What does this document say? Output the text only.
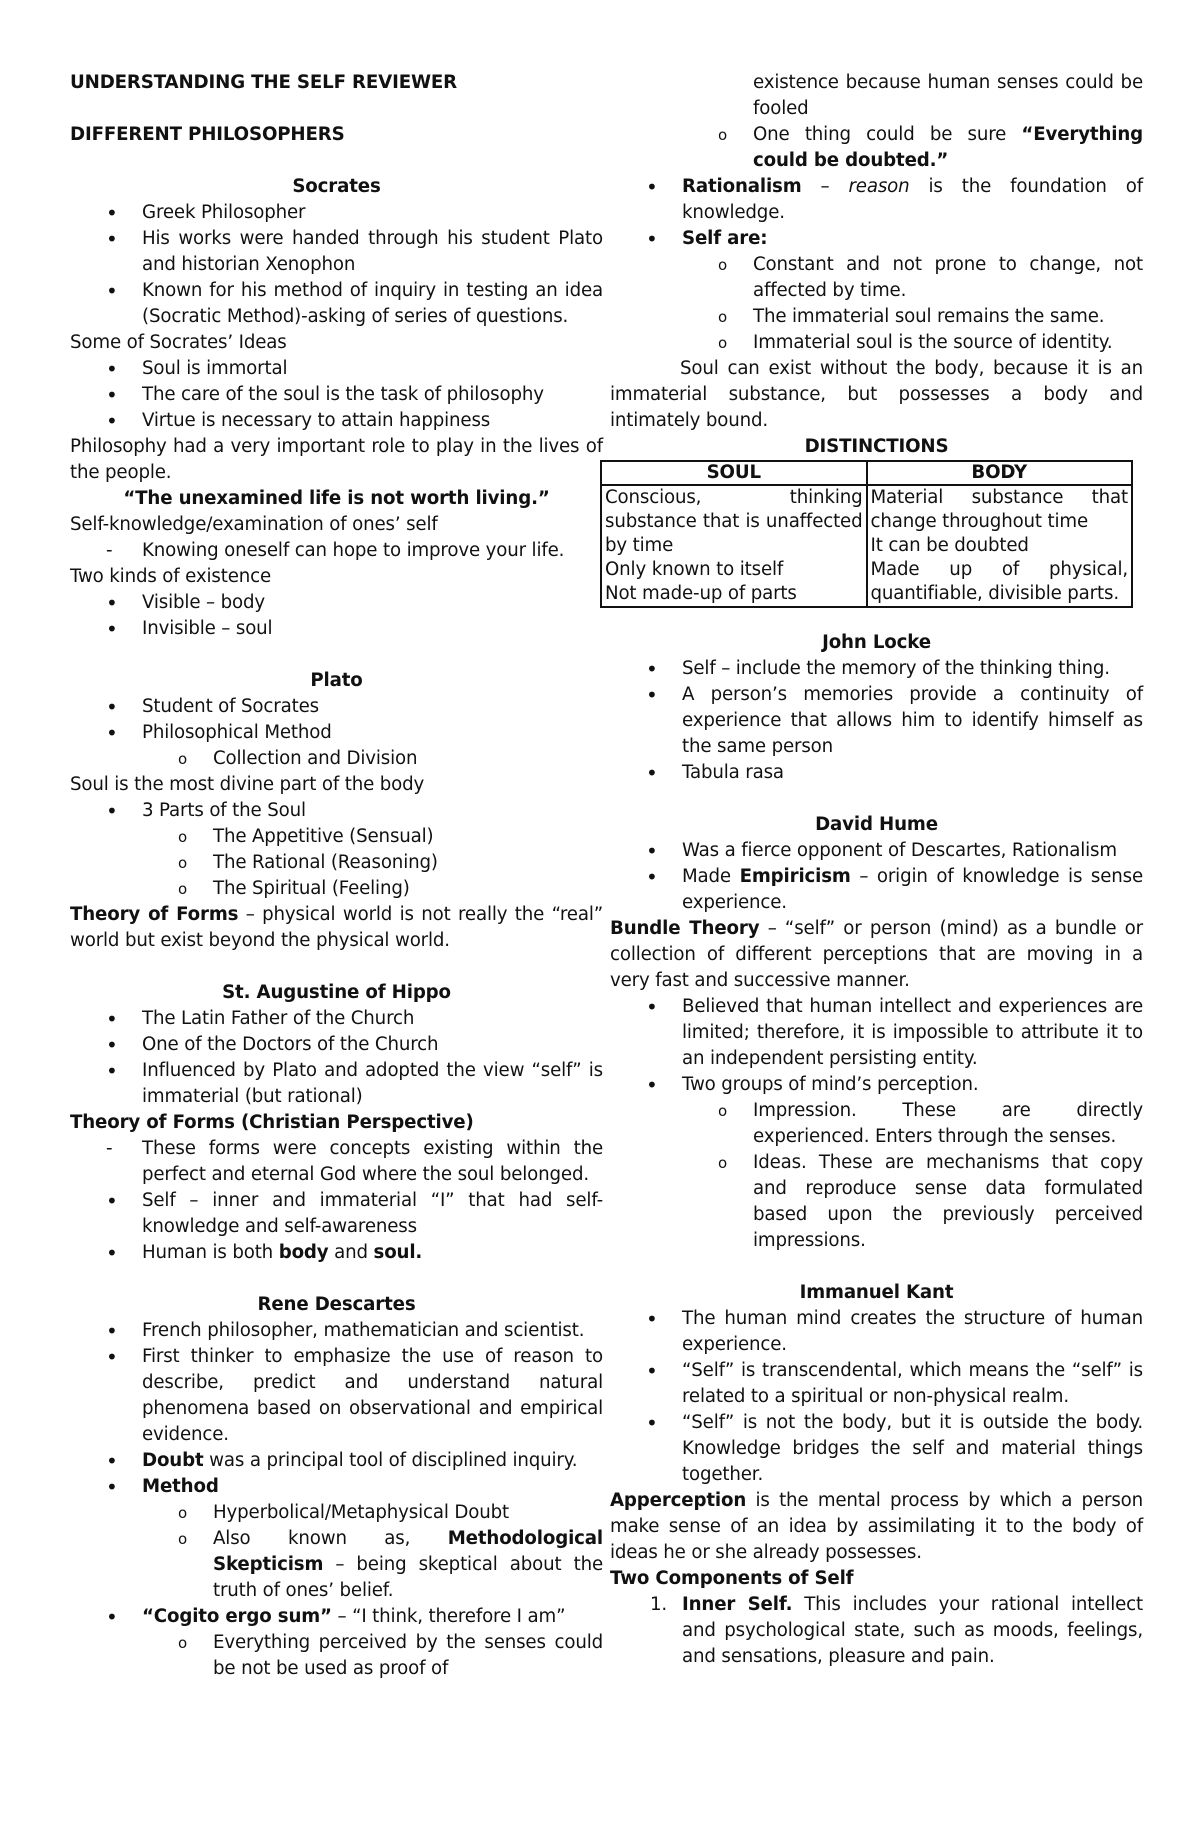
UNDERSTANDING THE SELF REVIEWER

DIFFERENT PHILOSOPHERS

Socrates

• Greek Philosopher
• His works were handed through his student Plato and historian Xenophon
• Known for his method of inquiry in testing an idea (Socratic Method)-asking of series of questions.

Some of Socrates’ Ideas

• Soul is immortal
• The care of the soul is the task of philosophy
• Virtue is necessary to attain happiness

Philosophy had a very important role to play in the lives of the people.

“The unexamined life is not worth living.”

Self-knowledge/examination of ones’ self

- Knowing oneself can hope to improve your life.

Two kinds of existence

• Visible – body
• Invisible – soul

Plato

• Student of Socrates
• Philosophical Method
o Collection and Division

Soul is the most divine part of the body

• 3 Parts of the Soul
o The Appetitive (Sensual)
o The Rational (Reasoning)
o The Spiritual (Feeling)

Theory of Forms – physical world is not really the “real” world but exist beyond the physical world.

St. Augustine of Hippo

• The Latin Father of the Church
• One of the Doctors of the Church
• Influenced by Plato and adopted the view “self” is immaterial (but rational)

Theory of Forms (Christian Perspective)

- These forms were concepts existing within the perfect and eternal God where the soul belonged.
• Self – inner and immaterial “I” that had self-knowledge and self-awareness
• Human is both body and soul.

Rene Descartes

• French philosopher, mathematician and scientist.
• First thinker to emphasize the use of reason to describe, predict and understand natural phenomena based on observational and empirical evidence.
• Doubt was a principal tool of disciplined inquiry.
• Method
o Hyperbolical/Metaphysical Doubt
o Also known as, Methodological Skepticism – being skeptical about the truth of ones’ belief.
• “Cogito ergo sum” – “I think, therefore I am”
o Everything perceived by the senses could be not be used as proof of
existence because human senses could be fooled
o One thing could be sure “Everything could be doubted.”
• Rationalism – reason is the foundation of knowledge.
• Self are:
o Constant and not prone to change, not affected by time.
o The immaterial soul remains the same.
o Immaterial soul is the source of identity.

Soul can exist without the body, because it is an immaterial substance, but possesses a body and intimately bound.

DISTINCTIONS

SOUL	BODY

Conscious, thinking substance that is unaffected by time
Only known to itself
Not made-up of parts	Material substance that change throughout time
It can be doubted
Made up of physical, quantifiable, divisible parts.

John Locke

• Self – include the memory of the thinking thing.
• A person’s memories provide a continuity of experience that allows him to identify himself as the same person
• Tabula rasa

David Hume

• Was a fierce opponent of Descartes, Rationalism
• Made Empiricism – origin of knowledge is sense experience.

Bundle Theory – “self” or person (mind) as a bundle or collection of different perceptions that are moving in a very fast and successive manner.

• Believed that human intellect and experiences are limited; therefore, it is impossible to attribute it to an independent persisting entity.
• Two groups of mind’s perception.
o Impression. These are directly experienced. Enters through the senses.
o Ideas. These are mechanisms that copy and reproduce sense data formulated based upon the previously perceived impressions.

Immanuel Kant

• The human mind creates the structure of human experience.
• “Self” is transcendental, which means the “self” is related to a spiritual or non-physical realm.
• “Self” is not the body, but it is outside the body. Knowledge bridges the self and material things together.

Apperception is the mental process by which a person make sense of an idea by assimilating it to the body of ideas he or she already possesses.

Two Components of Self

1. Inner Self. This includes your rational intellect and psychological state, such as moods, feelings, and sensations, pleasure and pain.
